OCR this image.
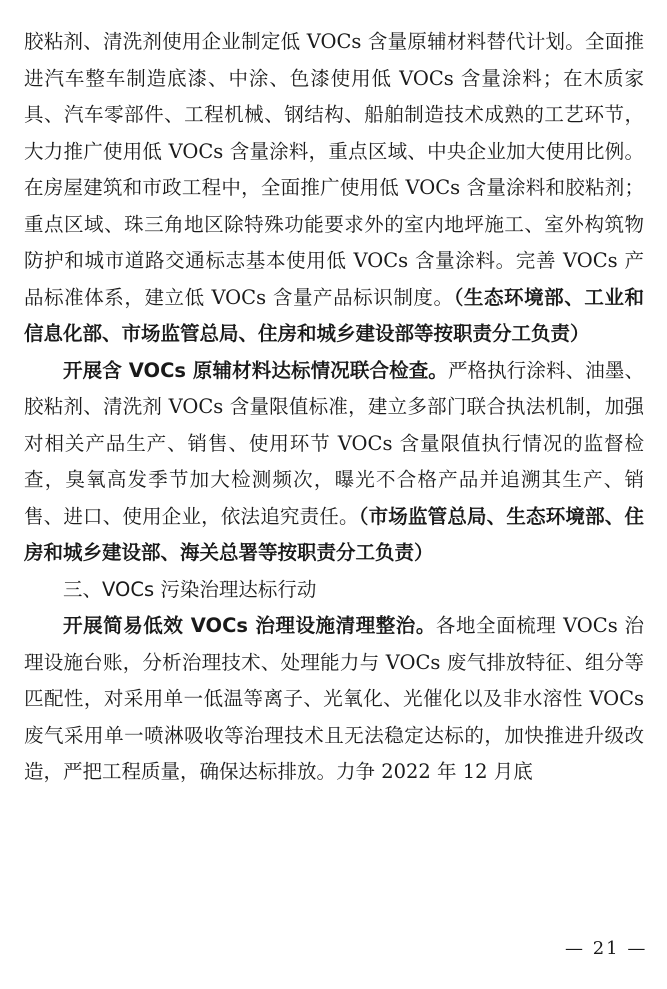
胶粘剂、清洗剂使用企业制定低 VOCs 含量原辅材料替代计划。全面推进汽车整车制造底漆、中涂、色漆使用低 VOCs 含量涂料；在木质家具、汽车零部件、工程机械、钢结构、船舶制造技术成熟的工艺环节，大力推广使用低 VOCs 含量涂料，重点区域、中央企业加大使用比例。在房屋建筑和市政工程中，全面推广使用低 VOCs 含量涂料和胶粘剂；重点区域、珠三角地区除特殊功能要求外的室内地坪施工、室外构筑物防护和城市道路交通标志基本使用低 VOCs 含量涂料。完善 VOCs 产品标准体系，建立低 VOCs 含量产品标识制度。（生态环境部、工业和信息化部、市场监管总局、住房和城乡建设部等按职责分工负责）

开展含 VOCs 原辅材料达标情况联合检查。严格执行涂料、油墨、胶粘剂、清洗剂 VOCs 含量限值标准，建立多部门联合执法机制，加强对相关产品生产、销售、使用环节 VOCs 含量限值执行情况的监督检查，臭氧高发季节加大检测频次，曝光不合格产品并追溯其生产、销售、进口、使用企业，依法追究责任。（市场监管总局、生态环境部、住房和城乡建设部、海关总署等按职责分工负责）

三、VOCs 污染治理达标行动

开展简易低效 VOCs 治理设施清理整治。各地全面梳理 VOCs 治理设施台账，分析治理技术、处理能力与 VOCs 废气排放特征、组分等匹配性，对采用单一低温等离子、光氧化、光催化以及非水溶性 VOCs 废气采用单一喷淋吸收等治理技术且无法稳定达标的，加快推进升级改造，严把工程质量，确保达标排放。力争 2022 年 12 月底

— 21 —
